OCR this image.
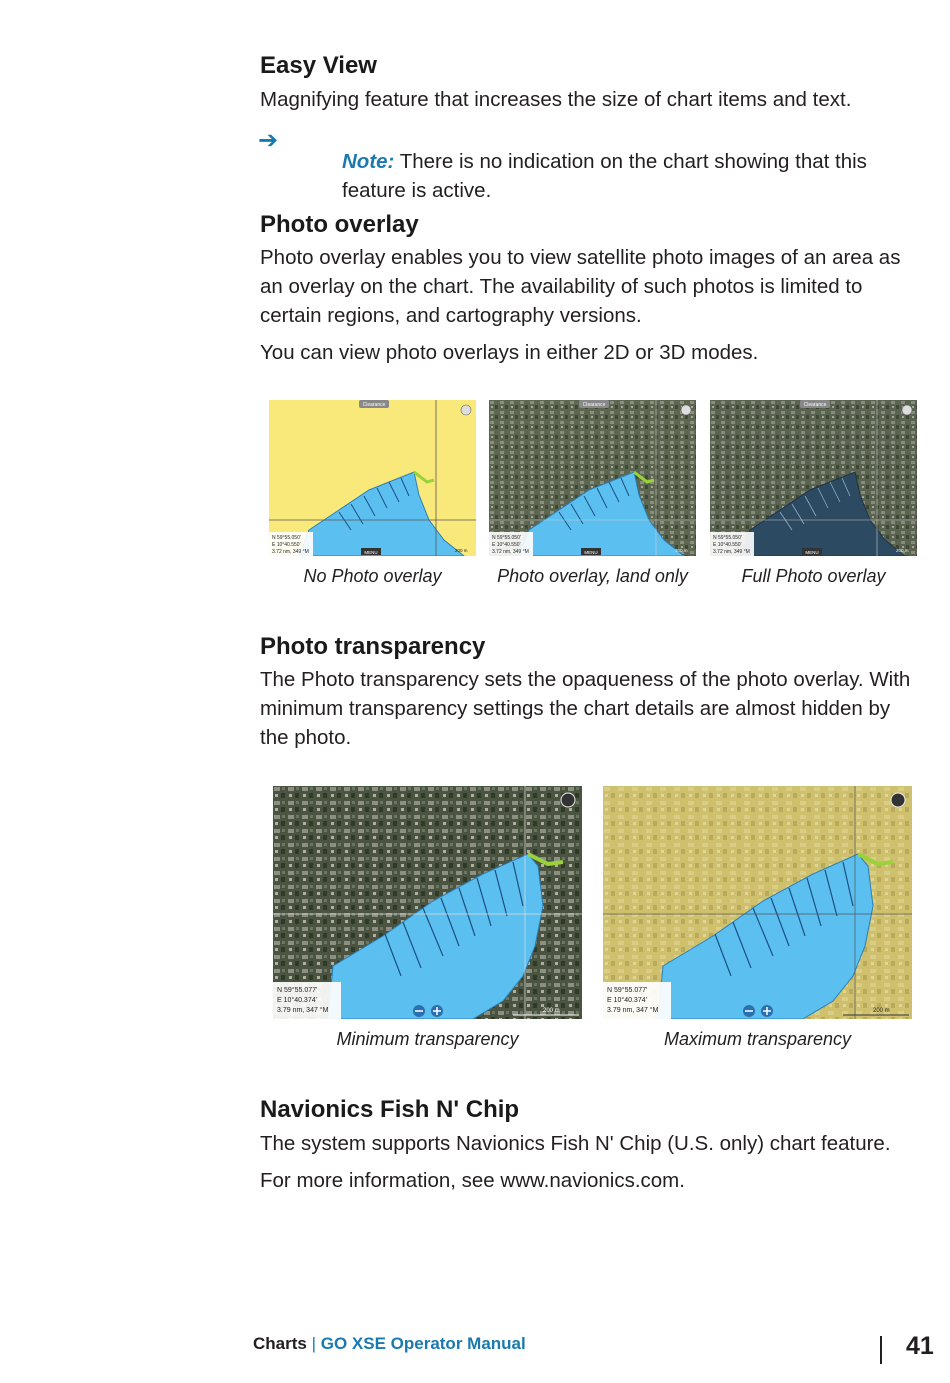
Easy View

Magnifying feature that increases the size of chart items and text.

➔

Note: There is no indication on the chart showing that this feature is active.

Photo overlay

Photo overlay enables you to view satellite photo images of an area as an overlay on the chart. The availability of such photos is limited to certain regions, and cartography versions.

You can view photo overlays in either 2D or 3D modes.

Clearance
N 59°55.050'
E 10°40.550'
3.72 nm, 349 °M	MENU	200 m
No Photo overlay
Clearance
N 59°55.050'
E 10°40.550'
3.72 nm, 349 °M	MENU	200 m
Photo overlay, land only
Clearance
N 59°55.050'
E 10°40.550'
3.72 nm, 349 °M	MENU	200 m
Full Photo overlay
Photo transparency

The Photo transparency sets the opaqueness of the photo overlay. With minimum transparency settings the chart details are almost hidden by the photo.

N 59°55.077'
E 10°40.374'
3.79 nm, 347 °M	200 m
Minimum transparency
N 59°55.077'
E 10°40.374'
3.79 nm, 347 °M	200 m
Maximum transparency
Navionics Fish N' Chip

The system supports Navionics Fish N' Chip (U.S. only) chart feature.

For more information, see www.navionics.com.

Charts | GO XSE Operator Manual	41
